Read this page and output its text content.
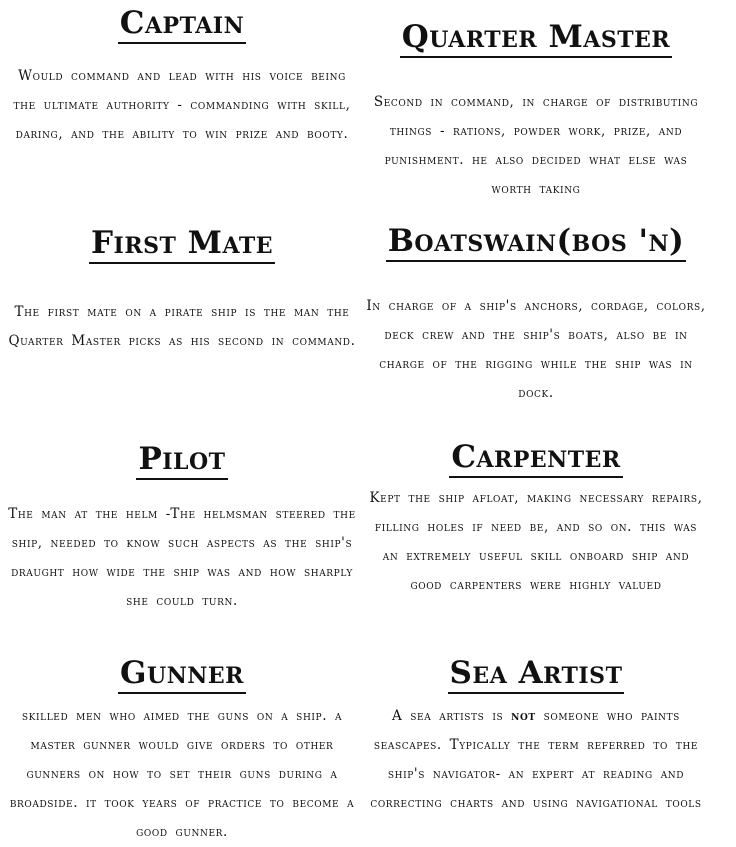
Captain

Would command and lead with his voice being the ultimate authority - commanding with skill, daring, and the ability to win prize and booty.

Quarter Master

Second in command, in charge of distributing things - rations, powder work, prize, and punishment. he also decided what else was worth taking

First Mate

The first mate on a pirate ship is the man the Quarter Master picks as his second in command.

Boatswain(bos 'n)

In charge of a ship's anchors, cordage, colors, deck crew and the ship's boats, also be in charge of the rigging while the ship was in dock.

Pilot

The man at the helm -The helmsman steered the ship, needed to know such aspects as the ship's draught how wide the ship was and how sharply she could turn.

Carpenter

Kept the ship afloat, making necessary repairs, filling holes if need be, and so on. this was an extremely useful skill onboard ship and good carpenters were highly valued

Gunner

skilled men who aimed the guns on a ship. a master gunner would give orders to other gunners on how to set their guns during a broadside. it took years of practice to become a good gunner.

Sea Artist

A sea artists is not someone who paints seascapes. Typically the term referred to the ship's navigator- an expert at reading and correcting charts and using navigational tools
